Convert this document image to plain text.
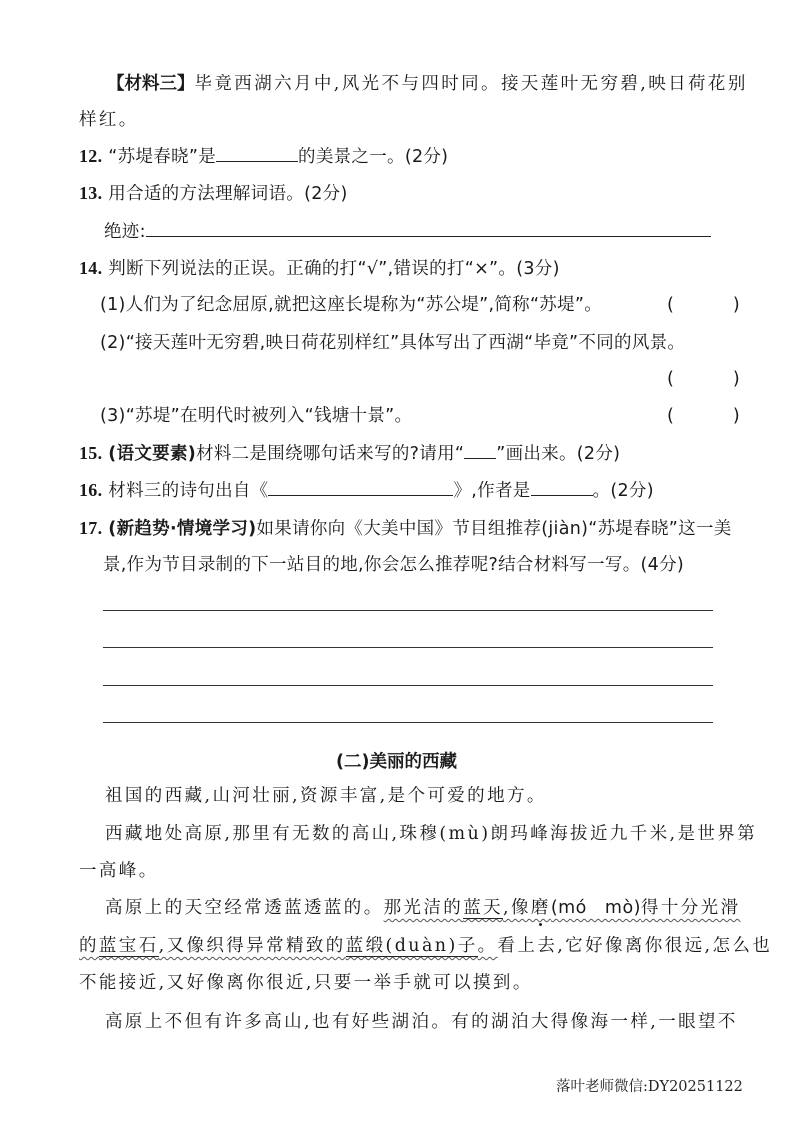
【材料三】毕竟西湖六月中,风光不与四时同。接天莲叶无穷碧,映日荷花别
样红。
12. “苏堤春晓”是	的美景之一。(2分)
13. 用合适的方法理解词语。(2分)
绝迹:
14. 判断下列说法的正误。正确的打“√”,错误的打“×”。(3分)
(1)人们为了纪念屈原,就把这座长堤称为“苏公堤”,简称“苏堤”。	(  )
(2)“接天莲叶无穷碧,映日荷花别样红”具体写出了西湖“毕竟”不同的风景。
(  )
(3)“苏堤”在明代时被列入“钱塘十景”。	(  )
15. (语文要素)材料二是围绕哪句话来写的?请用“ ”画出来。(2分)
16. 材料三的诗句出自《	》,作者是	。(2分)
17. (新趋势·情境学习)如果请你向《大美中国》节目组推荐(jiàn)“苏堤春晓”这一美
景,作为节目录制的下一站目的地,你会怎么推荐呢?结合材料写一写。(4分)
(二)美丽的西藏
祖国的西藏,山河壮丽,资源丰富,是个可爱的地方。
西藏地处高原,那里有无数的高山,珠穆(mù)朗玛峰海拔近九千米,是世界第
一高峰。
高原上的天空经常透蓝透蓝的。那光洁的蓝天,像磨(mó mò)得十分光滑
的蓝宝石,又像织得异常精致的蓝缎(duàn)子。看上去,它好像离你很远,怎么也
不能接近,又好像离你很近,只要一举手就可以摸到。
高原上不但有许多高山,也有好些湖泊。有的湖泊大得像海一样,一眼望不
落叶老师微信:DY20251122
